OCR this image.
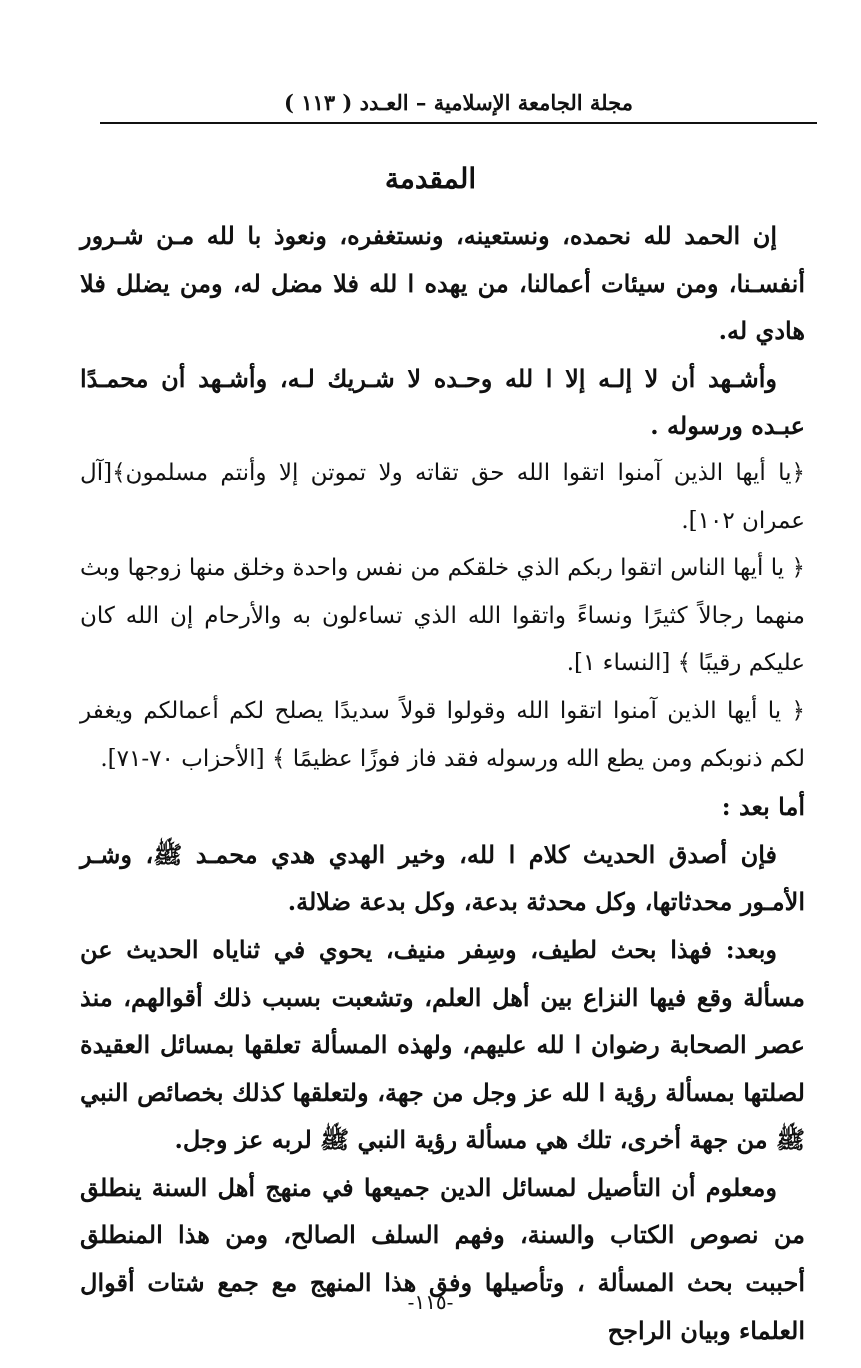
مجلة الجامعة الإسلامية – العـدد ( ١١٣ )
المقدمة

إن الحمد لله نحمده، ونستعينه، ونستغفره، ونعوذ با لله مـن شـرور أنفسـنا، ومن سيئات أعمالنا، من يهده ا لله فلا مضل له، ومن يضلل فلا هادي له.

وأشـهد أن لا إلـه إلا ا لله وحـده لا شـريك لـه، وأشـهد أن محمـدًا عبـده ورسوله .

﴿يا أيها الذين آمنوا اتقوا الله حق تقاته ولا تموتن إلا وأنتم مسلمون﴾[آل عمران ١٠٢].

﴿ يا أيها الناس اتقوا ربكم الذي خلقكم من نفس واحدة وخلق منها زوجها وبث منهما رجالاً كثيرًا ونساءً واتقوا الله الذي تساءلون به والأرحام إن الله كان عليكم رقيبًا ﴾ [النساء ١].

﴿ يا أيها الذين آمنوا اتقوا الله وقولوا قولاً سديدًا يصلح لكم أعمالكم ويغفر لكم ذنوبكم ومن يطع الله ورسوله فقد فاز فوزًا عظيمًا ﴾ [الأحزاب ٧٠-٧١].

أما بعد :

فإن أصدق الحديث كلام ا لله، وخير الهدي هدي محمـد ﷺ، وشـر الأمـور محدثاتها، وكل محدثة بدعة، وكل بدعة ضلالة.

وبعد: فهذا بحث لطيف، وسِفر منيف، يحوي في ثناياه الحديث عن مسألة وقع فيها النزاع بين أهل العلم، وتشعبت بسبب ذلك أقوالهم، منذ عصر الصحابة رضوان ا لله عليهم، ولهذه المسألة تعلقها بمسائل العقيدة لصلتها بمسألة رؤية ا لله عز وجل من جهة، ولتعلقها كذلك بخصائص النبي ﷺ من جهة أخرى، تلك هي مسألة رؤية النبي ﷺ لربه عز وجل.

ومعلوم أن التأصيل لمسائل الدين جميعها في منهج أهل السنة ينطلق من نصوص الكتاب والسنة، وفهم السلف الصالح، ومن هذا المنطلق أحببت بحث المسألة ، وتأصيلها وفق هذا المنهج مع جمع شتات أقوال العلماء وبيان الراجح

-١١٥-
